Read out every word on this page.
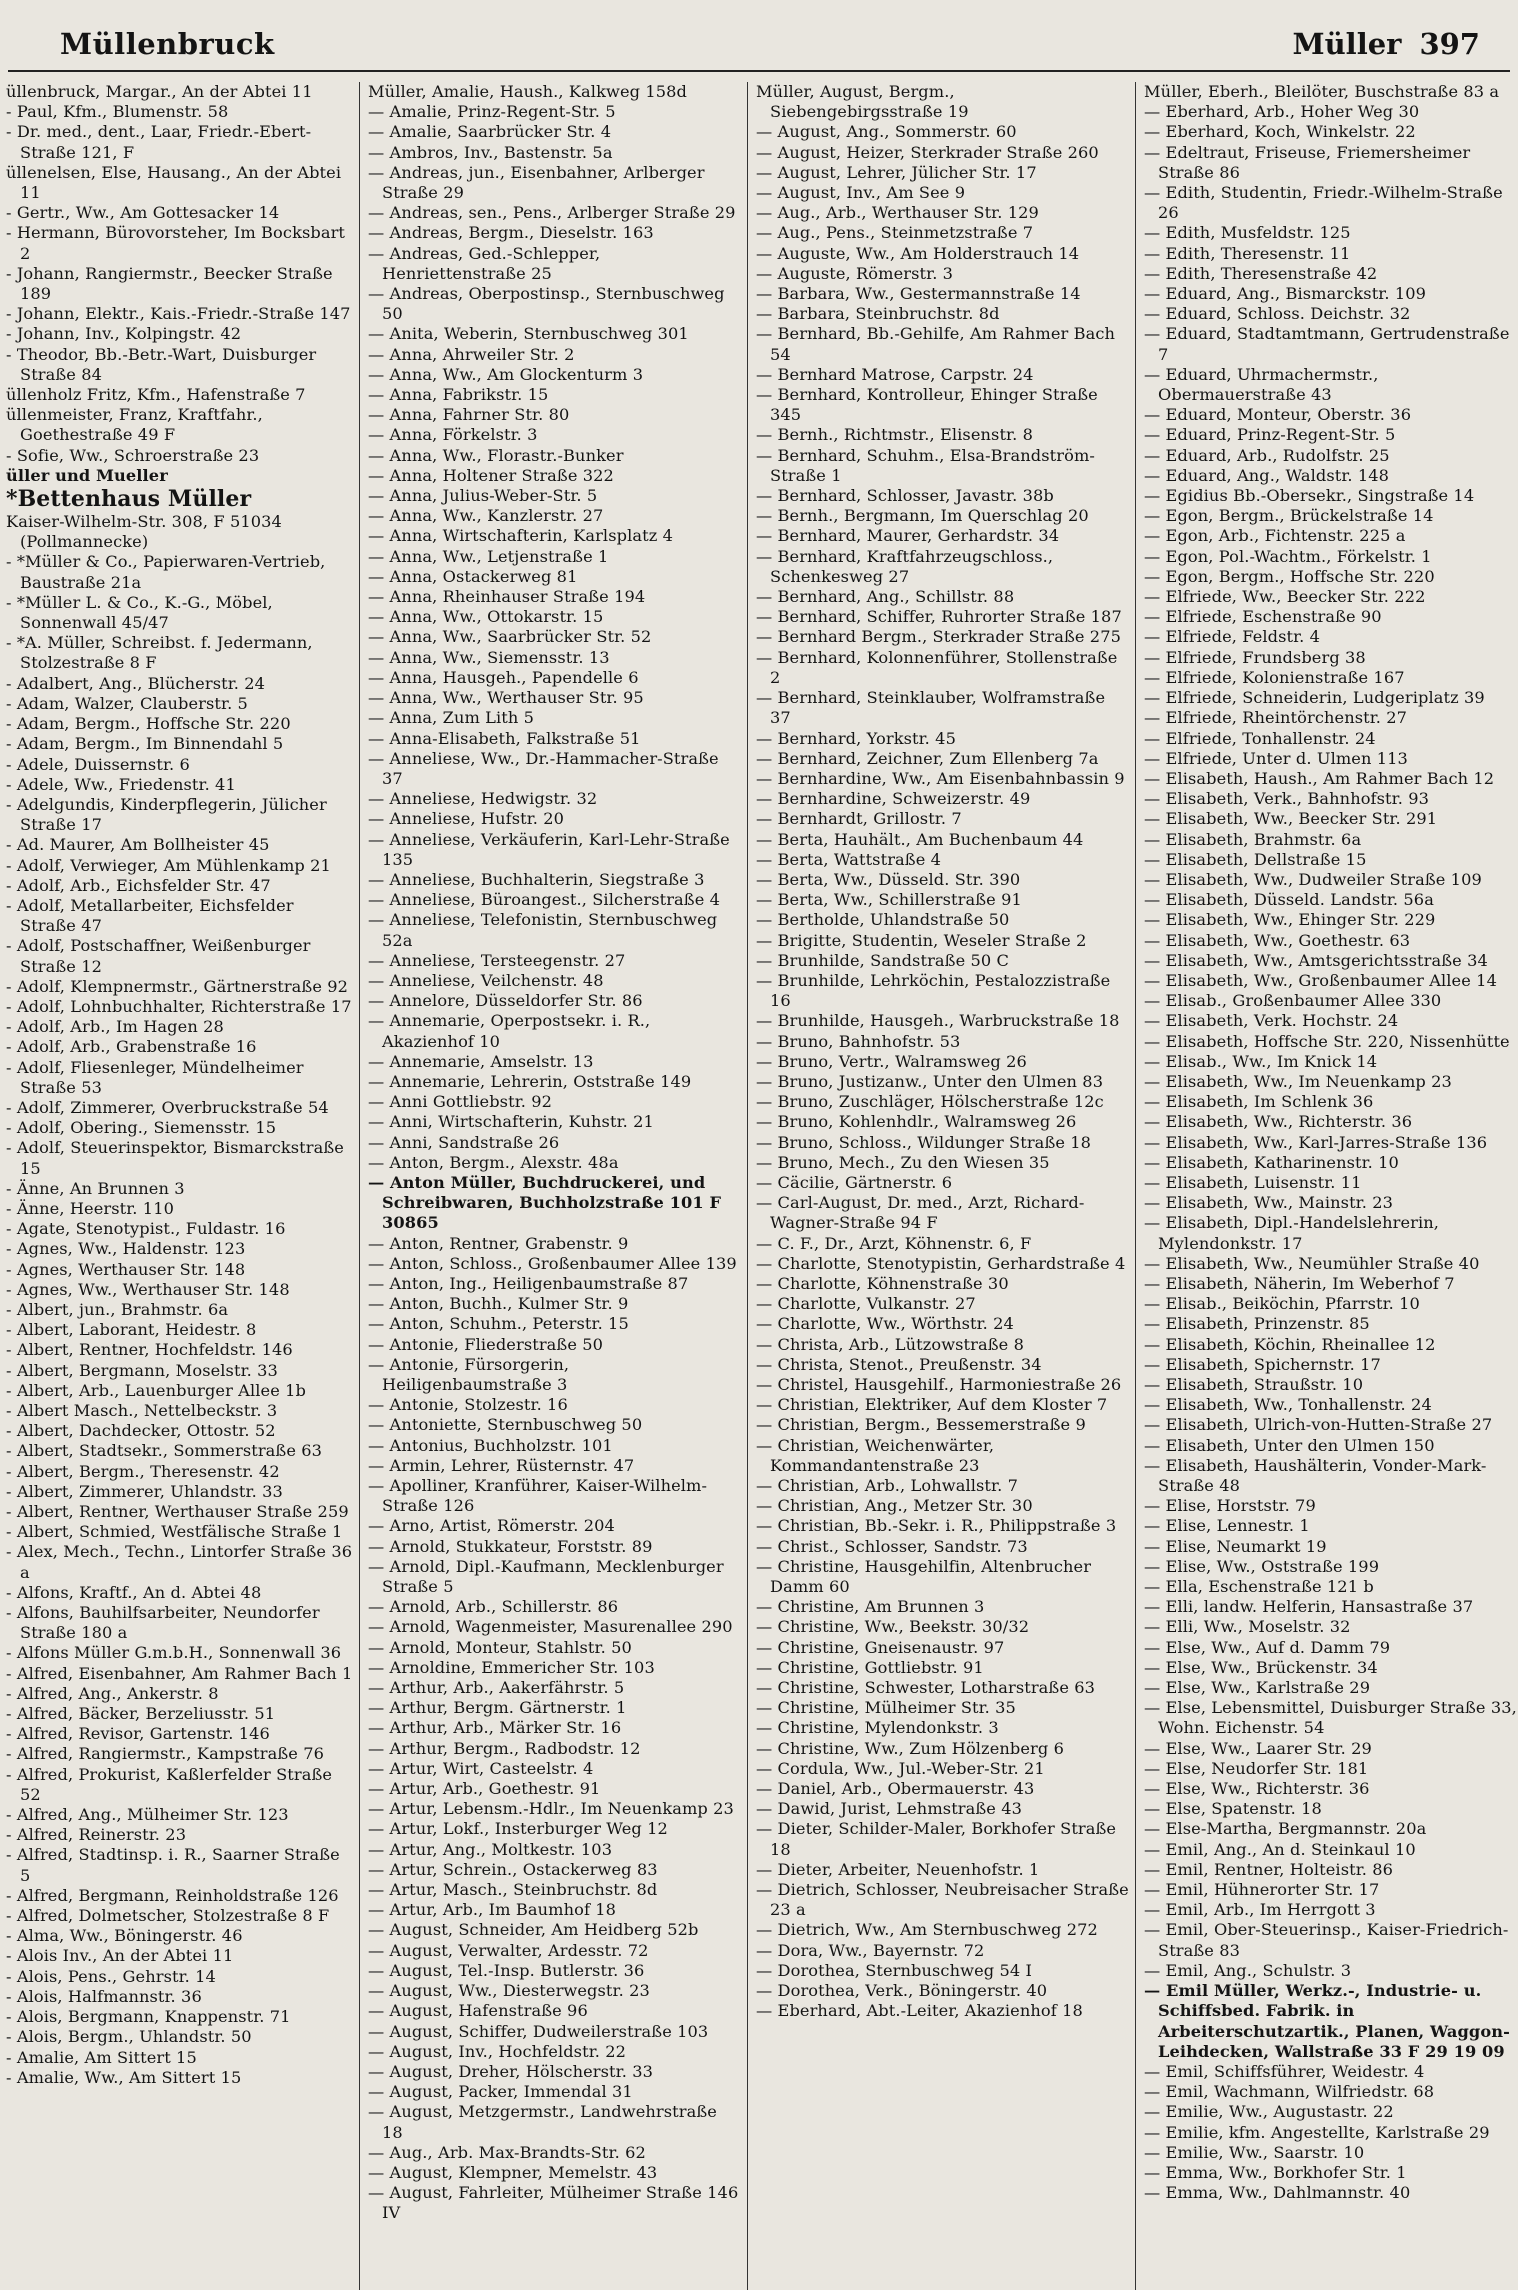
Müllenbruck	Müller 397

üllenbruck, Margar., An der Abtei 11

- Paul, Kfm., Blumenstr. 58

- Dr. med., dent., Laar, Friedr.-Ebert-Straße 121, F

üllenelsen, Else, Hausang., An der Abtei 11

- Gertr., Ww., Am Gottesacker 14

- Hermann, Bürovorsteher, Im Bocksbart 2

- Johann, Rangiermstr., Beecker Straße 189

- Johann, Elektr., Kais.-Friedr.-Straße 147

- Johann, Inv., Kolpingstr. 42

- Theodor, Bb.-Betr.-Wart, Duisburger Straße 84

üllenholz Fritz, Kfm., Hafenstraße 7

üllenmeister, Franz, Kraftfahr., Goethestraße 49 F

- Sofie, Ww., Schroerstraße 23

üller und Mueller

*Bettenhaus Müller

Kaiser-Wilhelm-Str. 308, F 51034 (Pollmannecke)

- *Müller & Co., Papierwaren-Vertrieb, Baustraße 21a

- *Müller L. & Co., K.-G., Möbel, Sonnenwall 45/47

- *A. Müller, Schreibst. f. Jedermann, Stolzestraße 8 F

- Adalbert, Ang., Blücherstr. 24

- Adam, Walzer, Clauberstr. 5

- Adam, Bergm., Hoffsche Str. 220

- Adam, Bergm., Im Binnendahl 5

- Adele, Duissernstr. 6

- Adele, Ww., Friedenstr. 41

- Adelgundis, Kinderpflegerin, Jülicher Straße 17

- Ad. Maurer, Am Bollheister 45

- Adolf, Verwieger, Am Mühlenkamp 21

- Adolf, Arb., Eichsfelder Str. 47

- Adolf, Metallarbeiter, Eichsfelder Straße 47

- Adolf, Postschaffner, Weißenburger Straße 12

- Adolf, Klempnermstr., Gärtnerstraße 92

- Adolf, Lohnbuchhalter, Richterstraße 17

- Adolf, Arb., Im Hagen 28

- Adolf, Arb., Grabenstraße 16

- Adolf, Fliesenleger, Mündelheimer Straße 53

- Adolf, Zimmerer, Overbruckstraße 54

- Adolf, Obering., Siemensstr. 15

- Adolf, Steuerinspektor, Bismarckstraße 15

- Änne, An Brunnen 3

- Änne, Heerstr. 110

- Agate, Stenotypist., Fuldastr. 16

- Agnes, Ww., Haldenstr. 123

- Agnes, Werthauser Str. 148

- Agnes, Ww., Werthauser Str. 148

- Albert, jun., Brahmstr. 6a

- Albert, Laborant, Heidestr. 8

- Albert, Rentner, Hochfeldstr. 146

- Albert, Bergmann, Moselstr. 33

- Albert, Arb., Lauenburger Allee 1b

- Albert Masch., Nettelbeckstr. 3

- Albert, Dachdecker, Ottostr. 52

- Albert, Stadtsekr., Sommerstraße 63

- Albert, Bergm., Theresenstr. 42

- Albert, Zimmerer, Uhlandstr. 33

- Albert, Rentner, Werthauser Straße 259

- Albert, Schmied, Westfälische Straße 1

- Alex, Mech., Techn., Lintorfer Straße 36 a

- Alfons, Kraftf., An d. Abtei 48

- Alfons, Bauhilfsarbeiter, Neundorfer Straße 180 a

- Alfons Müller G.m.b.H., Sonnenwall 36

- Alfred, Eisenbahner, Am Rahmer Bach 1

- Alfred, Ang., Ankerstr. 8

- Alfred, Bäcker, Berzeliusstr. 51

- Alfred, Revisor, Gartenstr. 146

- Alfred, Rangiermstr., Kampstraße 76

- Alfred, Prokurist, Kaßlerfelder Straße 52

- Alfred, Ang., Mülheimer Str. 123

- Alfred, Reinerstr. 23

- Alfred, Stadtinsp. i. R., Saarner Straße 5

- Alfred, Bergmann, Reinholdstraße 126

- Alfred, Dolmetscher, Stolzestraße 8 F

- Alma, Ww., Böningerstr. 46

- Alois Inv., An der Abtei 11

- Alois, Pens., Gehrstr. 14

- Alois, Halfmannstr. 36

- Alois, Bergmann, Knappenstr. 71

- Alois, Bergm., Uhlandstr. 50

- Amalie, Am Sittert 15

- Amalie, Ww., Am Sittert 15

Müller, Amalie, Haush., Kalkweg 158d

— Amalie, Prinz-Regent-Str. 5

— Amalie, Saarbrücker Str. 4

— Ambros, Inv., Bastenstr. 5a

— Andreas, jun., Eisenbahner, Arlberger Straße 29

— Andreas, sen., Pens., Arlberger Straße 29

— Andreas, Bergm., Dieselstr. 163

— Andreas, Ged.-Schlepper, Henriettenstraße 25

— Andreas, Oberpostinsp., Sternbuschweg 50

— Anita, Weberin, Sternbuschweg 301

— Anna, Ahrweiler Str. 2

— Anna, Ww., Am Glockenturm 3

— Anna, Fabrikstr. 15

— Anna, Fahrner Str. 80

— Anna, Förkelstr. 3

— Anna, Ww., Florastr.-Bunker

— Anna, Holtener Straße 322

— Anna, Julius-Weber-Str. 5

— Anna, Ww., Kanzlerstr. 27

— Anna, Wirtschafterin, Karlsplatz 4

— Anna, Ww., Letjenstraße 1

— Anna, Ostackerweg 81

— Anna, Rheinhauser Straße 194

— Anna, Ww., Ottokarstr. 15

— Anna, Ww., Saarbrücker Str. 52

— Anna, Ww., Siemensstr. 13

— Anna, Hausgeh., Papendelle 6

— Anna, Ww., Werthauser Str. 95

— Anna, Zum Lith 5

— Anna-Elisabeth, Falkstraße 51

— Anneliese, Ww., Dr.-Hammacher-Straße 37

— Anneliese, Hedwigstr. 32

— Anneliese, Hufstr. 20

— Anneliese, Verkäuferin, Karl-Lehr-Straße 135

— Anneliese, Buchhalterin, Siegstraße 3

— Anneliese, Büroangest., Silcherstraße 4

— Anneliese, Telefonistin, Sternbuschweg 52a

— Anneliese, Tersteegenstr. 27

— Anneliese, Veilchenstr. 48

— Annelore, Düsseldorfer Str. 86

— Annemarie, Operpostsekr. i. R., Akazienhof 10

— Annemarie, Amselstr. 13

— Annemarie, Lehrerin, Oststraße 149

— Anni Gottliebstr. 92

— Anni, Wirtschafterin, Kuhstr. 21

— Anni, Sandstraße 26

— Anton, Bergm., Alexstr. 48a

— Anton Müller, Buchdruckerei, und Schreibwaren, Buchholzstraße 101 F 30865

— Anton, Rentner, Grabenstr. 9

— Anton, Schloss., Großenbaumer Allee 139

— Anton, Ing., Heiligenbaumstraße 87

— Anton, Buchh., Kulmer Str. 9

— Anton, Schuhm., Peterstr. 15

— Antonie, Fliederstraße 50

— Antonie, Fürsorgerin, Heiligenbaumstraße 3

— Antonie, Stolzestr. 16

— Antoniette, Sternbuschweg 50

— Antonius, Buchholzstr. 101

— Armin, Lehrer, Rüsternstr. 47

— Apolliner, Kranführer, Kaiser-Wilhelm-Straße 126

— Arno, Artist, Römerstr. 204

— Arnold, Stukkateur, Forststr. 89

— Arnold, Dipl.-Kaufmann, Mecklenburger Straße 5

— Arnold, Arb., Schillerstr. 86

— Arnold, Wagenmeister, Masurenallee 290

— Arnold, Monteur, Stahlstr. 50

— Arnoldine, Emmericher Str. 103

— Arthur, Arb., Aakerfährstr. 5

— Arthur, Bergm. Gärtnerstr. 1

— Arthur, Arb., Märker Str. 16

— Arthur, Bergm., Radbodstr. 12

— Artur, Wirt, Casteelstr. 4

— Artur, Arb., Goethestr. 91

— Artur, Lebensm.-Hdlr., Im Neuenkamp 23

— Artur, Lokf., Insterburger Weg 12

— Artur, Ang., Moltkestr. 103

— Artur, Schrein., Ostackerweg 83

— Artur, Masch., Steinbruchstr. 8d

— Artur, Arb., Im Baumhof 18

— August, Schneider, Am Heidberg 52b

— August, Verwalter, Ardesstr. 72

— August, Tel.-Insp. Butlerstr. 36

— August, Ww., Diesterwegstr. 23

— August, Hafenstraße 96

— August, Schiffer, Dudweilerstraße 103

— August, Inv., Hochfeldstr. 22

— August, Dreher, Hölscherstr. 33

— August, Packer, Immendal 31

— August, Metzgermstr., Landwehrstraße 18

— Aug., Arb. Max-Brandts-Str. 62

— August, Klempner, Memelstr. 43

— August, Fahrleiter, Mülheimer Straße 146 IV

Müller, August, Bergm., Siebengebirgsstraße 19

— August, Ang., Sommerstr. 60

— August, Heizer, Sterkrader Straße 260

— August, Lehrer, Jülicher Str. 17

— August, Inv., Am See 9

— Aug., Arb., Werthauser Str. 129

— Aug., Pens., Steinmetzstraße 7

— Auguste, Ww., Am Holderstrauch 14

— Auguste, Römerstr. 3

— Barbara, Ww., Gestermannstraße 14

— Barbara, Steinbruchstr. 8d

— Bernhard, Bb.-Gehilfe, Am Rahmer Bach 54

— Bernhard Matrose, Carpstr. 24

— Bernhard, Kontrolleur, Ehinger Straße 345

— Bernh., Richtmstr., Elisenstr. 8

— Bernhard, Schuhm., Elsa-Brandström-Straße 1

— Bernhard, Schlosser, Javastr. 38b

— Bernh., Bergmann, Im Querschlag 20

— Bernhard, Maurer, Gerhardstr. 34

— Bernhard, Kraftfahrzeugschloss., Schenkesweg 27

— Bernhard, Ang., Schillstr. 88

— Bernhard, Schiffer, Ruhrorter Straße 187

— Bernhard Bergm., Sterkrader Straße 275

— Bernhard, Kolonnenführer, Stollenstraße 2

— Bernhard, Steinklauber, Wolframstraße 37

— Bernhard, Yorkstr. 45

— Bernhard, Zeichner, Zum Ellenberg 7a

— Bernhardine, Ww., Am Eisenbahnbassin 9

— Bernhardine, Schweizerstr. 49

— Bernhardt, Grillostr. 7

— Berta, Hauhält., Am Buchenbaum 44

— Berta, Wattstraße 4

— Berta, Ww., Düsseld. Str. 390

— Berta, Ww., Schillerstraße 91

— Bertholde, Uhlandstraße 50

— Brigitte, Studentin, Weseler Straße 2

— Brunhilde, Sandstraße 50 C

— Brunhilde, Lehrköchin, Pestalozzistraße 16

— Brunhilde, Hausgeh., Warbruckstraße 18

— Bruno, Bahnhofstr. 53

— Bruno, Vertr., Walramsweg 26

— Bruno, Justizanw., Unter den Ulmen 83

— Bruno, Zuschläger, Hölscherstraße 12c

— Bruno, Kohlenhdlr., Walramsweg 26

— Bruno, Schloss., Wildunger Straße 18

— Bruno, Mech., Zu den Wiesen 35

— Cäcilie, Gärtnerstr. 6

— Carl-August, Dr. med., Arzt, Richard-Wagner-Straße 94 F

— C. F., Dr., Arzt, Köhnenstr. 6, F

— Charlotte, Stenotypistin, Gerhardstraße 4

— Charlotte, Köhnenstraße 30

— Charlotte, Vulkanstr. 27

— Charlotte, Ww., Wörthstr. 24

— Christa, Arb., Lützowstraße 8

— Christa, Stenot., Preußenstr. 34

— Christel, Hausgehilf., Harmoniestraße 26

— Christian, Elektriker, Auf dem Kloster 7

— Christian, Bergm., Bessemerstraße 9

— Christian, Weichenwärter, Kommandantenstraße 23

— Christian, Arb., Lohwallstr. 7

— Christian, Ang., Metzer Str. 30

— Christian, Bb.-Sekr. i. R., Philippstraße 3

— Christ., Schlosser, Sandstr. 73

— Christine, Hausgehilfin, Altenbrucher Damm 60

— Christine, Am Brunnen 3

— Christine, Ww., Beekstr. 30/32

— Christine, Gneisenaustr. 97

— Christine, Gottliebstr. 91

— Christine, Schwester, Lotharstraße 63

— Christine, Mülheimer Str. 35

— Christine, Mylendonkstr. 3

— Christine, Ww., Zum Hölzenberg 6

— Cordula, Ww., Jul.-Weber-Str. 21

— Daniel, Arb., Obermauerstr. 43

— Dawid, Jurist, Lehmstraße 43

— Dieter, Schilder-Maler, Borkhofer Straße 18

— Dieter, Arbeiter, Neuenhofstr. 1

— Dietrich, Schlosser, Neubreisacher Straße 23 a

— Dietrich, Ww., Am Sternbuschweg 272

— Dora, Ww., Bayernstr. 72

— Dorothea, Sternbuschweg 54 I

— Dorothea, Verk., Böningerstr. 40

— Eberhard, Abt.-Leiter, Akazienhof 18

Müller, Eberh., Bleilöter, Buschstraße 83 a

— Eberhard, Arb., Hoher Weg 30

— Eberhard, Koch, Winkelstr. 22

— Edeltraut, Friseuse, Friemersheimer Straße 86

— Edith, Studentin, Friedr.-Wilhelm-Straße 26

— Edith, Musfeldstr. 125

— Edith, Theresenstr. 11

— Edith, Theresenstraße 42

— Eduard, Ang., Bismarckstr. 109

— Eduard, Schloss. Deichstr. 32

— Eduard, Stadtamtmann, Gertrudenstraße 7

— Eduard, Uhrmachermstr., Obermauerstraße 43

— Eduard, Monteur, Oberstr. 36

— Eduard, Prinz-Regent-Str. 5

— Eduard, Arb., Rudolfstr. 25

— Eduard, Ang., Waldstr. 148

— Egidius Bb.-Obersekr., Singstraße 14

— Egon, Bergm., Brückelstraße 14

— Egon, Arb., Fichtenstr. 225 a

— Egon, Pol.-Wachtm., Förkelstr. 1

— Egon, Bergm., Hoffsche Str. 220

— Elfriede, Ww., Beecker Str. 222

— Elfriede, Eschenstraße 90

— Elfriede, Feldstr. 4

— Elfriede, Frundsberg 38

— Elfriede, Kolonienstraße 167

— Elfriede, Schneiderin, Ludgeriplatz 39

— Elfriede, Rheintörchenstr. 27

— Elfriede, Tonhallenstr. 24

— Elfriede, Unter d. Ulmen 113

— Elisabeth, Haush., Am Rahmer Bach 12

— Elisabeth, Verk., Bahnhofstr. 93

— Elisabeth, Ww., Beecker Str. 291

— Elisabeth, Brahmstr. 6a

— Elisabeth, Dellstraße 15

— Elisabeth, Ww., Dudweiler Straße 109

— Elisabeth, Düsseld. Landstr. 56a

— Elisabeth, Ww., Ehinger Str. 229

— Elisabeth, Ww., Goethestr. 63

— Elisabeth, Ww., Amtsgerichtsstraße 34

— Elisabeth, Ww., Großenbaumer Allee 14

— Elisab., Großenbaumer Allee 330

— Elisabeth, Verk. Hochstr. 24

— Elisabeth, Hoffsche Str. 220, Nissenhütte

— Elisab., Ww., Im Knick 14

— Elisabeth, Ww., Im Neuenkamp 23

— Elisabeth, Im Schlenk 36

— Elisabeth, Ww., Richterstr. 36

— Elisabeth, Ww., Karl-Jarres-Straße 136

— Elisabeth, Katharinenstr. 10

— Elisabeth, Luisenstr. 11

— Elisabeth, Ww., Mainstr. 23

— Elisabeth, Dipl.-Handelslehrerin, Mylendonkstr. 17

— Elisabeth, Ww., Neumühler Straße 40

— Elisabeth, Näherin, Im Weberhof 7

— Elisab., Beiköchin, Pfarrstr. 10

— Elisabeth, Prinzenstr. 85

— Elisabeth, Köchin, Rheinallee 12

— Elisabeth, Spichernstr. 17

— Elisabeth, Straußstr. 10

— Elisabeth, Ww., Tonhallenstr. 24

— Elisabeth, Ulrich-von-Hutten-Straße 27

— Elisabeth, Unter den Ulmen 150

— Elisabeth, Haushälterin, Vonder-Mark-Straße 48

— Elise, Horststr. 79

— Elise, Lennestr. 1

— Elise, Neumarkt 19

— Elise, Ww., Oststraße 199

— Ella, Eschenstraße 121 b

— Elli, landw. Helferin, Hansastraße 37

— Elli, Ww., Moselstr. 32

— Else, Ww., Auf d. Damm 79

— Else, Ww., Brückenstr. 34

— Else, Ww., Karlstraße 29

— Else, Lebensmittel, Duisburger Straße 33, Wohn. Eichenstr. 54

— Else, Ww., Laarer Str. 29

— Else, Neudorfer Str. 181

— Else, Ww., Richterstr. 36

— Else, Spatenstr. 18

— Else-Martha, Bergmannstr. 20a

— Emil, Ang., An d. Steinkaul 10

— Emil, Rentner, Holteistr. 86

— Emil, Hühnerorter Str. 17

— Emil, Arb., Im Herrgott 3

— Emil, Ober-Steuerinsp., Kaiser-Friedrich-Straße 83

— Emil, Ang., Schulstr. 3

— Emil Müller, Werkz.-, Industrie- u. Schiffsbed. Fabrik. in Arbeiterschutzartik., Planen, Waggon-Leihdecken, Wallstraße 33 F 29 19 09

— Emil, Schiffsführer, Weidestr. 4

— Emil, Wachmann, Wilfriedstr. 68

— Emilie, Ww., Augustastr. 22

— Emilie, kfm. Angestellte, Karlstraße 29

— Emilie, Ww., Saarstr. 10

— Emma, Ww., Borkhofer Str. 1

— Emma, Ww., Dahlmannstr. 40
